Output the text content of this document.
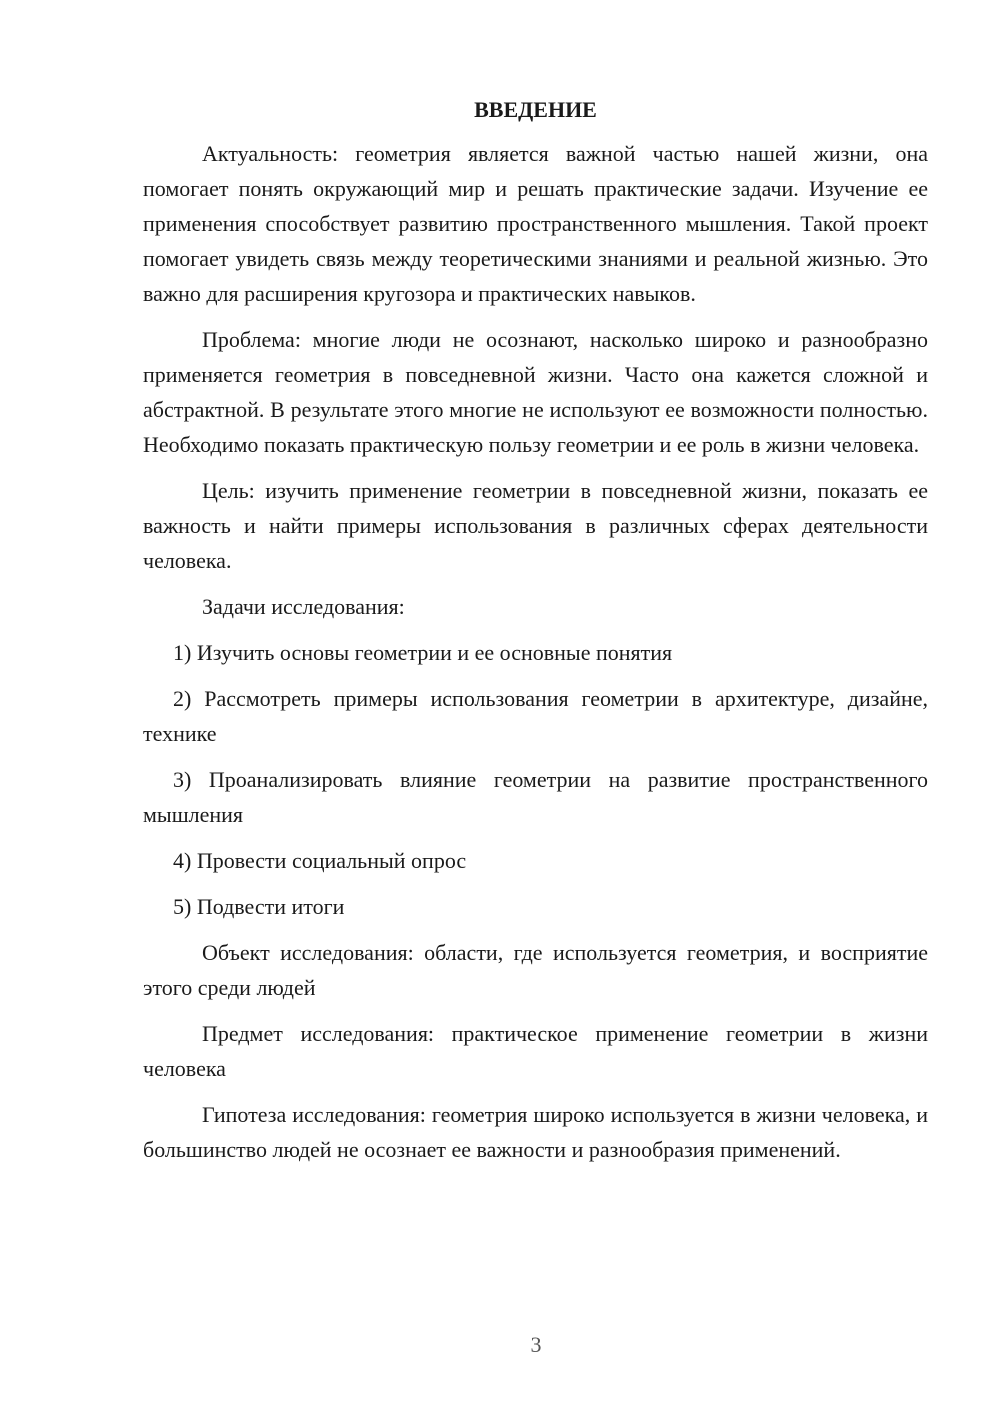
ВВЕДЕНИЕ

Актуальность: геометрия является важной частью нашей жизни, она помогает понять окружающий мир и решать практические задачи. Изучение ее применения способствует развитию пространственного мышления. Такой проект помогает увидеть связь между теоретическими знаниями и реальной жизнью. Это важно для расширения кругозора и практических навыков.

Проблема: многие люди не осознают, насколько широко и разнообразно применяется геометрия в повседневной жизни. Часто она кажется сложной и абстрактной. В результате этого многие не используют ее возможности полностью. Необходимо показать практическую пользу геометрии и ее роль в жизни человека.

Цель: изучить применение геометрии в повседневной жизни, показать ее важность и найти примеры использования в различных сферах деятельности человека.

Задачи исследования:

1) Изучить основы геометрии и ее основные понятия

2) Рассмотреть примеры использования геометрии в архитектуре, дизайне, технике

3) Проанализировать влияние геометрии на развитие пространственного мышления

4) Провести социальный опрос

5) Подвести итоги

Объект исследования: области, где используется геометрия, и восприятие этого среди людей

Предмет исследования: практическое применение геометрии в жизни человека

Гипотеза исследования: геометрия широко используется в жизни человека, и большинство людей не осознает ее важности и разнообразия применений.

3
